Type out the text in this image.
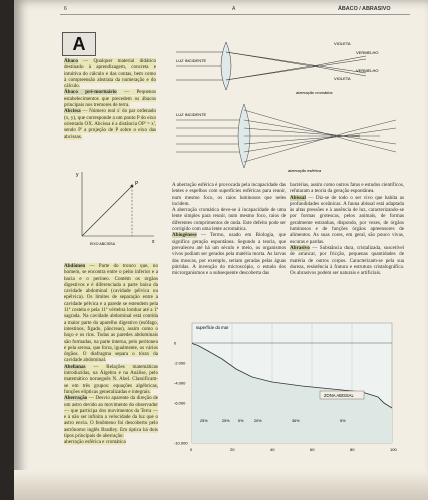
6	A	ÁBACO / ABRASIVO
A

Ábaco — Qualquer material didático destinado à aprendizagem, concreta e intuitiva do cálculo e das contas, bem como à compreensão abstrata da numeração e do cálculo.

Ábaco pré-mortuário — Pequenos estabelecimentos que precedem os ábacos principais nos tremores de terra.

Abcissa — Número real x' do par ordenado (x, y), que corresponde a um ponto P do eixo orientado OX. Abcissa é a distância OP' = x', sendo P' a projeção de P sobre o eixo das abcissas.

y
x
P
EIXO ABCISSA

Abdômen — Parte do tronco que, no homem, se encontra entre o peito inferior e a bacia e o períneo. Contém os órgãos digestivos e é diferenciada a parte baixa da cavidade abdominal (cavidade pélvica ou epélvica). Os limites de separação entre a cavidade pélvica e a parede se estendem pela 11ª costela e pela 11ª vértebra lombar até a 1ª sagrada. Na cavidade abdominal está contida a maior parte do aparelho digestivo (esôfago, intestinos, fígado, pâncreas), assim como o baço e os rins. Todas as paredes abdominais são formadas, na parte interna, pelo peritoneu e pela serosa, que forra, igualmente, os vários órgãos. O diafragma separa o tórax da cavidade abdominal.

Abelianas — Relações matemáticas introduzidas, na Álgebra e na Análise, pelo matemático norueguês N. Abel. Classificam-se em três grupos: equações algébricas, funções elípticas generalizadas e integrais.

Aberração — Desvio aparente da direção de um astro devido ao movimento do observador — que participa dos movimentos da Terra — e à não ser infinita a velocidade da luz que o astro envia. O fenômeno foi descoberto pelo astrônomo inglês Bradley. Em óptica há dois tipos principais de aberração:

aberração esférica e cromática

VIOLETA
VERMELHO
VERMELHO
VIOLETA
LUZ INCIDENTE
aberração cromática
LUZ INCIDENTE
aberração esférica

A aberração esférica é provocada pela incapacidade das lentes e espelhos com superfícies esféricas para reunir, num mesmo foco, os raios luminosos que neles incidem.

A aberração cromática deve-se à incapacidade de uma lente simples para reunir, num mesmo foco, raios de diferentes comprimentos de onda. Este defeito pode ser corrigido com uma lente acromática.

Abiogênese — Termo, usado em Biologia, que significa geração espontânea. Segundo a teoria, que prevaleceu até há um século e meio, os organismos vivos podiam ser gerados pela matéria morta. As larvas das moscas, por exemplo, seriam geradas pelas águas pútridas. A invenção do microscópio, o estudo dos microrganismos e a subsequente descoberta das

bactérias, assim como outros fatos e estudos científicos, refutaram a teoria da geração espontânea.

Abissal — Diz-se de todo o ser vivo que habita as profundidades oceânicas. A fauna abissal está adaptada às altas pressões e à ausência de luz, caracterizando-se por formas grotescas, pelos animais, de formas geralmente estranhas, dispondo, por vezes, de órgãos luminosos e de funções órgãos apreensores de alimentos. As suas cores, em geral, são pouco vivas, escuras e pardas.

Abrasivo — Substância dura, cristalizada, suscetível de arrancar, por fricção, pequenas quantidades de matéria de outros corpos. Caracterizam-se pela sua dureza, resistência à fratura e estrutura cristalográfica. Os abrasivos podem ser naturais e artificiais.

0
-2.000
-4.000
-6.000
-10.000
0	20	40	60	80	100
25%	25% 5%	20%	36%	5%
superfície do mar
ZONA ABISSAL
